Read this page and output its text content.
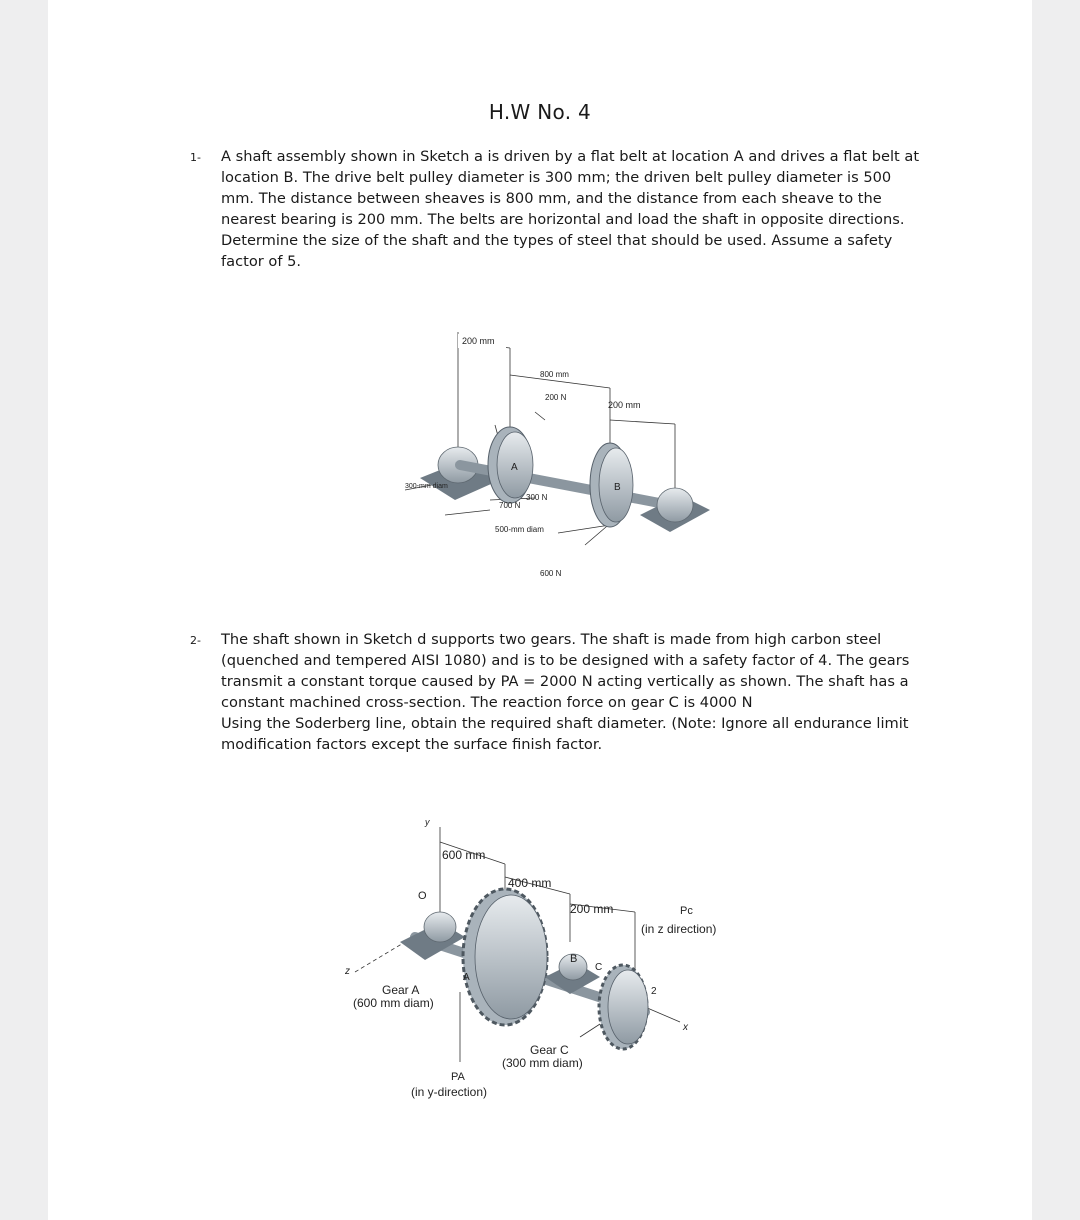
H.W No. 4
1- A shaft assembly shown in Sketch a is driven by a flat belt at location A and drives a flat belt at location B. The drive belt pulley diameter is 300 mm; the driven belt pulley diameter is 500 mm. The distance between sheaves is 800 mm, and the distance from each sheave to the nearest bearing is 200 mm. The belts are horizontal and load the shaft in opposite directions. Determine the size of the shaft and the types of steel that should be used. Assume a safety factor of 5.
A
B
200 mm
800 mm
200 N
200 mm
300-mm diam
700 N
300 N
500-mm diam
600 N
2- The shaft shown in Sketch d supports two gears. The shaft is made from high carbon steel (quenched and tempered AISI 1080) and is to be designed with a safety factor of 4. The gears transmit a constant torque caused by PA = 2000 N acting vertically as shown. The shaft has a constant machined cross-section. The reaction force on gear C is 4000 N
Using the Soderberg line, obtain the required shaft diameter. (Note: Ignore all endurance limit modification factors except the surface finish factor.
A
B
C
2
y
O
z
x
600 mm
400 mm
200 mm	Pc
(in z direction)
Gear A
(600 mm diam)
Gear C
(300 mm diam)
PA
(in y-direction)
